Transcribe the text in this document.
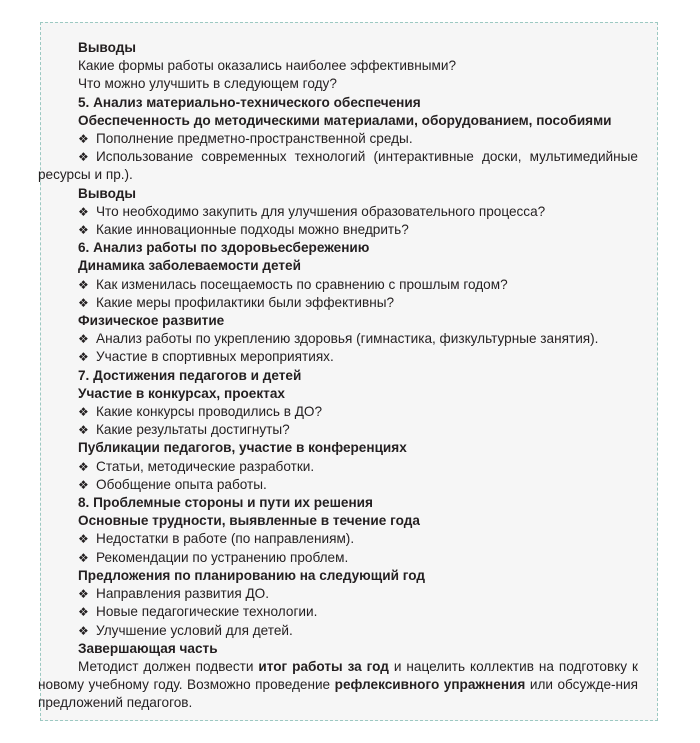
Выводы
Какие формы работы оказались наиболее эффективными?
Что можно улучшить в следующем году?
5. Анализ материально-технического обеспечения
Обеспеченность до методическими материалами, оборудованием, пособиями
❖ Пополнение предметно-пространственной среды.
❖ Использование современных технологий (интерактивные доски, мультимедийные ресурсы и пр.).
Выводы
❖ Что необходимо закупить для улучшения образовательного процесса?
❖ Какие инновационные подходы можно внедрить?
6. Анализ работы по здоровьесбережению
Динамика заболеваемости детей
❖ Как изменилась посещаемость по сравнению с прошлым годом?
❖ Какие меры профилактики были эффективны?
Физическое развитие
❖ Анализ работы по укреплению здоровья (гимнастика, физкультурные занятия).
❖ Участие в спортивных мероприятиях.
7. Достижения педагогов и детей
Участие в конкурсах, проектах
❖ Какие конкурсы проводились в ДО?
❖ Какие результаты достигнуты?
Публикации педагогов, участие в конференциях
❖ Статьи, методические разработки.
❖ Обобщение опыта работы.
8. Проблемные стороны и пути их решения
Основные трудности, выявленные в течение года
❖ Недостатки в работе (по направлениям).
❖ Рекомендации по устранению проблем.
Предложения по планированию на следующий год
❖ Направления развития ДО.
❖ Новые педагогические технологии.
❖ Улучшение условий для детей.
Завершающая часть
Методист должен подвести итог работы за год и нацелить коллектив на подготовку к новому учебному году. Возможно проведение рефлексивного упражнения или обсужде-ния предложений педагогов.
